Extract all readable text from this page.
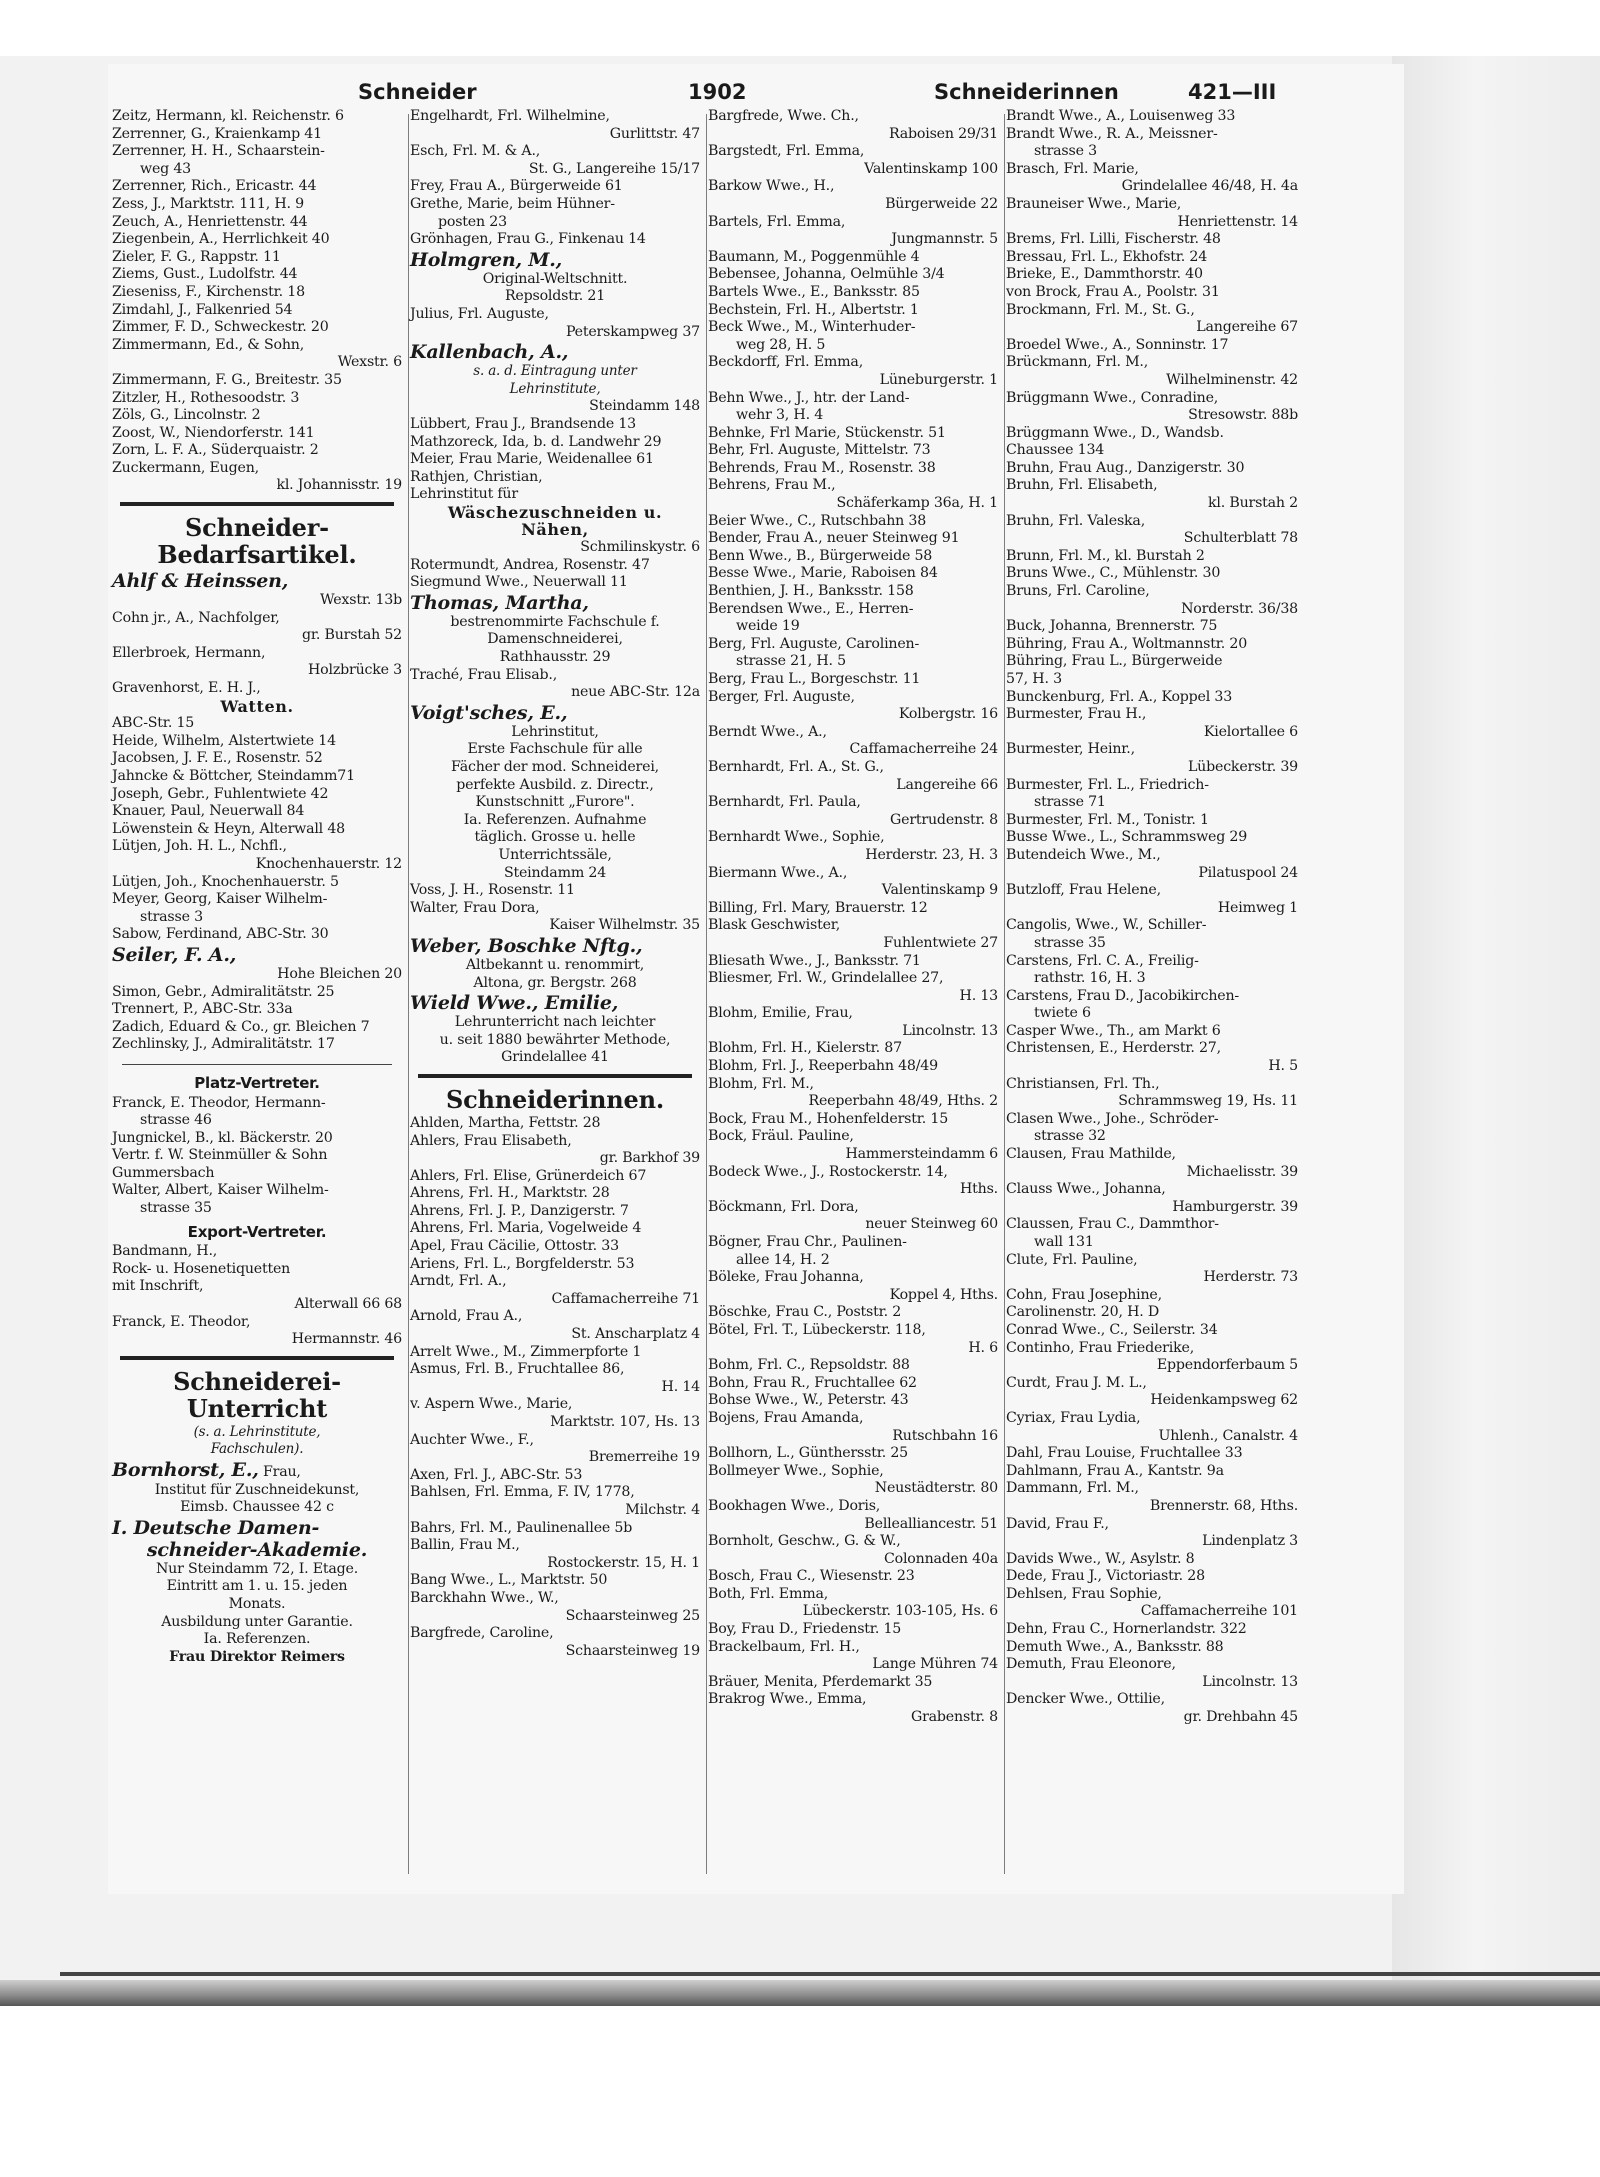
Schneider	1902	Schneiderinnen	421—III
Zeitz, Hermann, kl. Reichenstr. 6
Zerrenner, G., Kraienkamp 41
Zerrenner, H. H., Schaarstein-
weg 43
Zerrenner, Rich., Ericastr. 44
Zess, J., Marktstr. 111, H. 9
Zeuch, A., Henriettenstr. 44
Ziegenbein, A., Herrlichkeit 40
Zieler, F. G., Rappstr. 11
Ziems, Gust., Ludolfstr. 44
Zieseniss, F., Kirchenstr. 18
Zimdahl, J., Falkenried 54
Zimmer, F. D., Schweckestr. 20
Zimmermann, Ed., & Sohn,
Wexstr. 6
Zimmermann, F. G., Breitestr. 35
Zitzler, H., Rothesoodstr. 3
Zöls, G., Lincolnstr. 2
Zoost, W., Niendorferstr. 141
Zorn, L. F. A., Süderquaistr. 2
Zuckermann, Eugen,
kl. Johannisstr. 19
Schneider-
Bedarfsartikel.
Ahlf & Heinssen,
Wexstr. 13b
Cohn jr., A., Nachfolger,
gr. Burstah 52
Ellerbroek, Hermann,
Holzbrücke 3
Gravenhorst, E. H. J.,
Watten.
ABC-Str. 15
Heide, Wilhelm, Alstertwiete 14
Jacobsen, J. F. E., Rosenstr. 52
Jahncke & Böttcher, Steindamm71
Joseph, Gebr., Fuhlentwiete 42
Knauer, Paul, Neuerwall 84
Löwenstein & Heyn, Alterwall 48
Lütjen, Joh. H. L., Nchfl.,
Knochenhauerstr. 12
Lütjen, Joh., Knochenhauerstr. 5
Meyer, Georg, Kaiser Wilhelm-
strasse 3
Sabow, Ferdinand, ABC-Str. 30
Seiler, F. A.,
Hohe Bleichen 20
Simon, Gebr., Admiralitätstr. 25
Trennert, P., ABC-Str. 33a
Zadich, Eduard & Co., gr. Bleichen 7
Zechlinsky, J., Admiralitätstr. 17
Platz-Vertreter.
Franck, E. Theodor, Hermann-
strasse 46
Jungnickel, B., kl. Bäckerstr. 20
Vertr. f. W. Steinmüller & Sohn
Gummersbach
Walter, Albert, Kaiser Wilhelm-
strasse 35
Export-Vertreter.
Bandmann, H.,
Rock- u. Hosenetiquetten
mit Inschrift,
Alterwall 66 68
Franck, E. Theodor,
Hermannstr. 46
Schneiderei-
Unterricht
(s. a. Lehrinstitute,
Fachschulen).
Bornhorst, E., Frau,
Institut für Zuschneidekunst,
Eimsb. Chaussee 42 c
I. Deutsche Damen-
schneider-Akademie.
Nur Steindamm 72, I. Etage.
Eintritt am 1. u. 15. jeden
Monats.
Ausbildung unter Garantie.
Ia. Referenzen.
Frau Direktor Reimers
Engelhardt, Frl. Wilhelmine,
Gurlittstr. 47
Esch, Frl. M. & A.,
St. G., Langereihe 15/17
Frey, Frau A., Bürgerweide 61
Grethe, Marie, beim Hühner-
posten 23
Grönhagen, Frau G., Finkenau 14
Holmgren, M.,
Original-Weltschnitt.
Repsoldstr. 21
Julius, Frl. Auguste,
Peterskampweg 37
Kallenbach, A.,
s. a. d. Eintragung unter
Lehrinstitute,
Steindamm 148
Lübbert, Frau J., Brandsende 13
Mathzoreck, Ida, b. d. Landwehr 29
Meier, Frau Marie, Weidenallee 61
Rathjen, Christian,
Lehrinstitut für
Wäschezuschneiden u.
Nähen,
Schmilinskystr. 6
Rotermundt, Andrea, Rosenstr. 47
Siegmund Wwe., Neuerwall 11
Thomas, Martha,
bestrenommirte Fachschule f.
Damenschneiderei,
Rathhausstr. 29
Traché, Frau Elisab.,
neue ABC-Str. 12a
Voigt'sches, E.,
Lehrinstitut,
Erste Fachschule für alle
Fächer der mod. Schneiderei,
perfekte Ausbild. z. Directr.,
Kunstschnitt „Furore".
Ia. Referenzen. Aufnahme
täglich. Grosse u. helle
Unterrichtssäle,
Steindamm 24
Voss, J. H., Rosenstr. 11
Walter, Frau Dora,
Kaiser Wilhelmstr. 35
Weber, Boschke Nftg.,
Altbekannt u. renommirt,
Altona, gr. Bergstr. 268
Wield Wwe., Emilie,
Lehrunterricht nach leichter
u. seit 1880 bewährter Methode,
Grindelallee 41
Schneiderinnen.
Ahlden, Martha, Fettstr. 28
Ahlers, Frau Elisabeth,
gr. Barkhof 39
Ahlers, Frl. Elise, Grünerdeich 67
Ahrens, Frl. H., Marktstr. 28
Ahrens, Frl. J. P., Danzigerstr. 7
Ahrens, Frl. Maria, Vogelweide 4
Apel, Frau Cäcilie, Ottostr. 33
Ariens, Frl. L., Borgfelderstr. 53
Arndt, Frl. A.,
Caffamacherreihe 71
Arnold, Frau A.,
St. Anscharplatz 4
Arrelt Wwe., M., Zimmerpforte 1
Asmus, Frl. B., Fruchtallee 86,
H. 14
v. Aspern Wwe., Marie,
Marktstr. 107, Hs. 13
Auchter Wwe., F.,
Bremerreihe 19
Axen, Frl. J., ABC-Str. 53
Bahlsen, Frl. Emma, F. IV, 1778,
Milchstr. 4
Bahrs, Frl. M., Paulinenallee 5b
Ballin, Frau M.,
Rostockerstr. 15, H. 1
Bang Wwe., L., Marktstr. 50
Barckhahn Wwe., W.,
Schaarsteinweg 25
Bargfrede, Caroline,
Schaarsteinweg 19
Bargfrede, Wwe. Ch.,
Raboisen 29/31
Bargstedt, Frl. Emma,
Valentinskamp 100
Barkow Wwe., H.,
Bürgerweide 22
Bartels, Frl. Emma,
Jungmannstr. 5
Baumann, M., Poggenmühle 4
Bebensee, Johanna, Oelmühle 3/4
Bartels Wwe., E., Banksstr. 85
Bechstein, Frl. H., Albertstr. 1
Beck Wwe., M., Winterhuder-
weg 28, H. 5
Beckdorff, Frl. Emma,
Lüneburgerstr. 1
Behn Wwe., J., htr. der Land-
wehr 3, H. 4
Behnke, Frl Marie, Stückenstr. 51
Behr, Frl. Auguste, Mittelstr. 73
Behrends, Frau M., Rosenstr. 38
Behrens, Frau M.,
Schäferkamp 36a, H. 1
Beier Wwe., C., Rutschbahn 38
Bender, Frau A., neuer Steinweg 91
Benn Wwe., B., Bürgerweide 58
Besse Wwe., Marie, Raboisen 84
Benthien, J. H., Banksstr. 158
Berendsen Wwe., E., Herren-
weide 19
Berg, Frl. Auguste, Carolinen-
strasse 21, H. 5
Berg, Frau L., Borgeschstr. 11
Berger, Frl. Auguste,
Kolbergstr. 16
Berndt Wwe., A.,
Caffamacherreihe 24
Bernhardt, Frl. A., St. G.,
Langereihe 66
Bernhardt, Frl. Paula,
Gertrudenstr. 8
Bernhardt Wwe., Sophie,
Herderstr. 23, H. 3
Biermann Wwe., A.,
Valentinskamp 9
Billing, Frl. Mary, Brauerstr. 12
Blask Geschwister,
Fuhlentwiete 27
Bliesath Wwe., J., Banksstr. 71
Bliesmer, Frl. W., Grindelallee 27,
H. 13
Blohm, Emilie, Frau,
Lincolnstr. 13
Blohm, Frl. H., Kielerstr. 87
Blohm, Frl. J., Reeperbahn 48/49
Blohm, Frl. M.,
Reeperbahn 48/49, Hths. 2
Bock, Frau M., Hohenfelderstr. 15
Bock, Fräul. Pauline,
Hammersteindamm 6
Bodeck Wwe., J., Rostockerstr. 14,
Hths.
Böckmann, Frl. Dora,
neuer Steinweg 60
Bögner, Frau Chr., Paulinen-
allee 14, H. 2
Böleke, Frau Johanna,
Koppel 4, Hths.
Böschke, Frau C., Poststr. 2
Bötel, Frl. T., Lübeckerstr. 118,
H. 6
Bohm, Frl. C., Repsoldstr. 88
Bohn, Frau R., Fruchtallee 62
Bohse Wwe., W., Peterstr. 43
Bojens, Frau Amanda,
Rutschbahn 16
Bollhorn, L., Günthersstr. 25
Bollmeyer Wwe., Sophie,
Neustädterstr. 80
Bookhagen Wwe., Doris,
Bellealliancestr. 51
Bornholt, Geschw., G. & W.,
Colonnaden 40a
Bosch, Frau C., Wiesenstr. 23
Both, Frl. Emma,
Lübeckerstr. 103-105, Hs. 6
Boy, Frau D., Friedenstr. 15
Brackelbaum, Frl. H.,
Lange Mühren 74
Bräuer, Menita, Pferdemarkt 35
Brakrog Wwe., Emma,
Grabenstr. 8
Brandt Wwe., A., Louisenweg 33
Brandt Wwe., R. A., Meissner-
strasse 3
Brasch, Frl. Marie,
Grindelallee 46/48, H. 4a
Brauneiser Wwe., Marie,
Henriettenstr. 14
Brems, Frl. Lilli, Fischerstr. 48
Bressau, Frl. L., Ekhofstr. 24
Brieke, E., Dammthorstr. 40
von Brock, Frau A., Poolstr. 31
Brockmann, Frl. M., St. G.,
Langereihe 67
Broedel Wwe., A., Sonninstr. 17
Brückmann, Frl. M.,
Wilhelminenstr. 42
Brüggmann Wwe., Conradine,
Stresowstr. 88b
Brüggmann Wwe., D., Wandsb.
Chaussee 134
Bruhn, Frau Aug., Danzigerstr. 30
Bruhn, Frl. Elisabeth,
kl. Burstah 2
Bruhn, Frl. Valeska,
Schulterblatt 78
Brunn, Frl. M., kl. Burstah 2
Bruns Wwe., C., Mühlenstr. 30
Bruns, Frl. Caroline,
Norderstr. 36/38
Buck, Johanna, Brennerstr. 75
Bühring, Frau A., Woltmannstr. 20
Bühring, Frau L., Bürgerweide
57, H. 3
Bunckenburg, Frl. A., Koppel 33
Burmester, Frau H.,
Kielortallee 6
Burmester, Heinr.,
Lübeckerstr. 39
Burmester, Frl. L., Friedrich-
strasse 71
Burmester, Frl. M., Tonistr. 1
Busse Wwe., L., Schrammsweg 29
Butendeich Wwe., M.,
Pilatuspool 24
Butzloff, Frau Helene,
Heimweg 1
Cangolis, Wwe., W., Schiller-
strasse 35
Carstens, Frl. C. A., Freilig-
rathstr. 16, H. 3
Carstens, Frau D., Jacobikirchen-
twiete 6
Casper Wwe., Th., am Markt 6
Christensen, E., Herderstr. 27,
H. 5
Christiansen, Frl. Th.,
Schrammsweg 19, Hs. 11
Clasen Wwe., Johe., Schröder-
strasse 32
Clausen, Frau Mathilde,
Michaelisstr. 39
Clauss Wwe., Johanna,
Hamburgerstr. 39
Claussen, Frau C., Dammthor-
wall 131
Clute, Frl. Pauline,
Herderstr. 73
Cohn, Frau Josephine,
Carolinenstr. 20, H. D
Conrad Wwe., C., Seilerstr. 34
Continho, Frau Friederike,
Eppendorferbaum 5
Curdt, Frau J. M. L.,
Heidenkampsweg 62
Cyriax, Frau Lydia,
Uhlenh., Canalstr. 4
Dahl, Frau Louise, Fruchtallee 33
Dahlmann, Frau A., Kantstr. 9a
Dammann, Frl. M.,
Brennerstr. 68, Hths.
David, Frau F.,
Lindenplatz 3
Davids Wwe., W., Asylstr. 8
Dede, Frau J., Victoriastr. 28
Dehlsen, Frau Sophie,
Caffamacherreihe 101
Dehn, Frau C., Hornerlandstr. 322
Demuth Wwe., A., Banksstr. 88
Demuth, Frau Eleonore,
Lincolnstr. 13
Dencker Wwe., Ottilie,
gr. Drehbahn 45
